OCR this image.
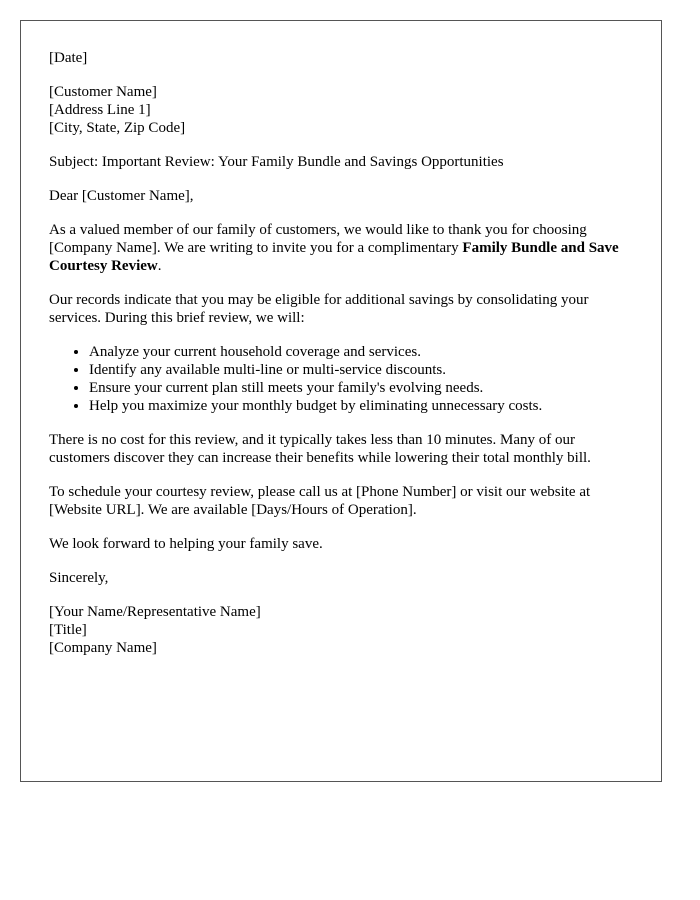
[Date]

[Customer Name]
[Address Line 1]
[City, State, Zip Code]

Subject: Important Review: Your Family Bundle and Savings Opportunities

Dear [Customer Name],

As a valued member of our family of customers, we would like to thank you for choosing [Company Name]. We are writing to invite you for a complimentary Family Bundle and Save Courtesy Review.

Our records indicate that you may be eligible for additional savings by consolidating your services. During this brief review, we will:

• Analyze your current household coverage and services.
• Identify any available multi-line or multi-service discounts.
• Ensure your current plan still meets your family's evolving needs.
• Help you maximize your monthly budget by eliminating unnecessary costs.

There is no cost for this review, and it typically takes less than 10 minutes. Many of our customers discover they can increase their benefits while lowering their total monthly bill.

To schedule your courtesy review, please call us at [Phone Number] or visit our website at [Website URL]. We are available [Days/Hours of Operation].

We look forward to helping your family save.

Sincerely,

[Your Name/Representative Name]
[Title]
[Company Name]
